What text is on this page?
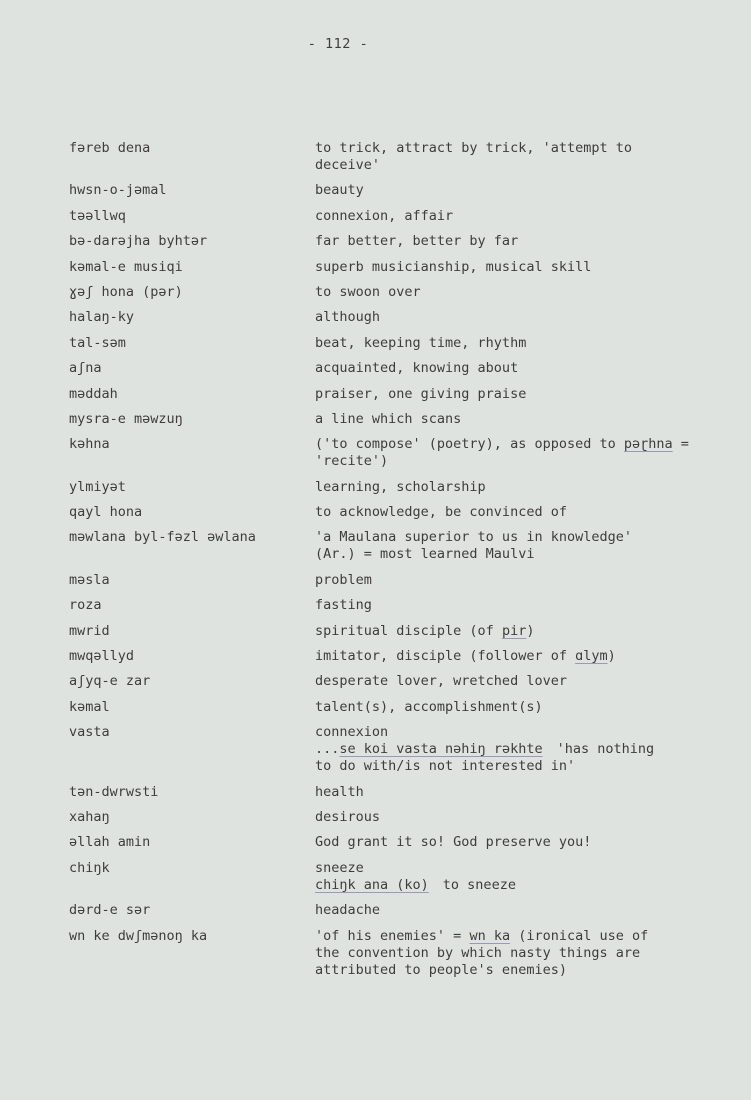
- 112 -
fəreb dena	to trick, attract by trick, 'attempt to
deceive'
hwsn-o-jəmal	beauty
təəllwq	connexion, affair
bə-darəjha byhtər	far better, better by far
kəmal-e musiqi	superb musicianship, musical skill
ɣəʃ hona (pər)	to swoon over
halaŋ-ky	although
tal-səm	beat, keeping time, rhythm
aʃna	acquainted, knowing about
məddah	praiser, one giving praise
mysra-e məwzuŋ	a line which scans
kəhna	('to compose' (poetry), as opposed to pəɽhna =
'recite')
ylmiyət	learning, scholarship
qayl hona	to acknowledge, be convinced of
məwlana byl-fəzl əwlana	'a Maulana superior to us in knowledge'
(Ar.) = most learned Maulvi
məsla	problem
roza	fasting
mwrid	spiritual disciple (of pir)
mwqəllyd	imitator, disciple (follower of ɑlym)
aʃyq-e zar	desperate lover, wretched lover
kəmal	talent(s), accomplishment(s)
vasta	connexion
...se koi vasta nəhiŋ rəkhte 'has nothing
to do with/is not interested in'
tən-dwrwsti	health
xahaŋ	desirous
əllah amin	God grant it so! God preserve you!
chiŋk	sneeze
chiŋk ana (ko) to sneeze
dərd-e sər	headache
wn ke dwʃmənoŋ ka	'of his enemies' = wn ka (ironical use of
the convention by which nasty things are
attributed to people's enemies)
